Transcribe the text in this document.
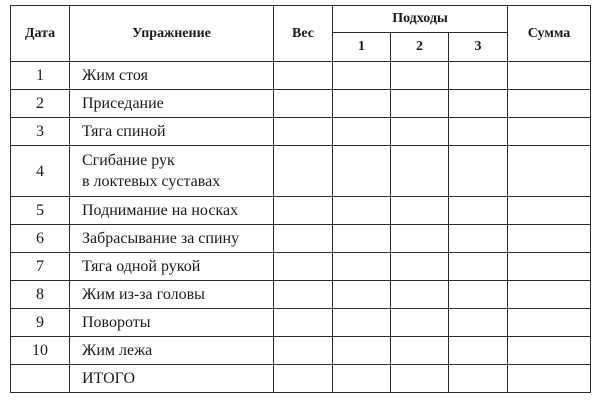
Дата	Упражнение	Вес	Подходы			Сумма
			1	2	3	
1	Жим стоя					

2	Приседание					

3	Тяга спиной					

4	Сгибание рук
в локтевых суставах					

5	Поднимание на носках					

6	Забрасывание за спину					

7	Тяга одной рукой					

8	Жим из-за головы					

9	Повороты					

10	Жим лежа					

	ИТОГО					
